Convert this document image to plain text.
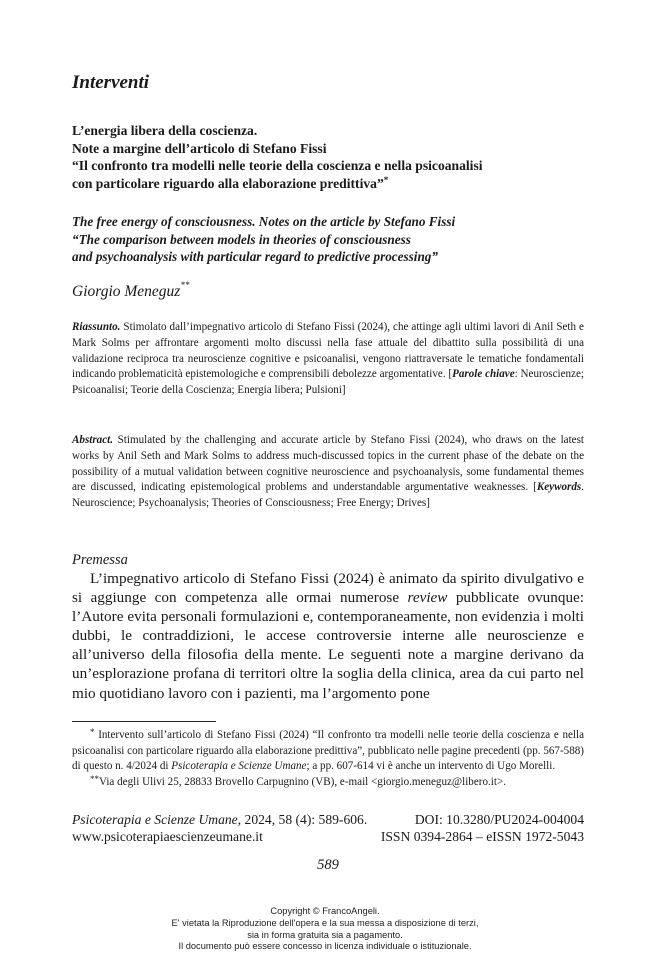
Interventi
L’energia libera della coscienza.
Note a margine dell’articolo di Stefano Fissi
“Il confronto tra modelli nelle teorie della coscienza e nella psicoanalisi
con particolare riguardo alla elaborazione predittiva”*
The free energy of consciousness. Notes on the article by Stefano Fissi
“The comparison between models in theories of consciousness
and psychoanalysis with particular regard to predictive processing”
Giorgio Meneguz**
Riassunto. Stimolato dall’impegnativo articolo di Stefano Fissi (2024), che attinge agli ultimi lavori di Anil Seth e Mark Solms per affrontare argomenti molto discussi nella fase attuale del dibattito sulla possibilità di una validazione reciproca tra neuroscienze cognitive e psicoanalisi, vengono riattraversate le tematiche fondamentali indicando problematicità epistemologiche e comprensibili debolezze argomentative. [Parole chiave: Neuroscienze; Psicoanalisi; Teorie della Coscienza; Energia libera; Pulsioni]
Abstract. Stimulated by the challenging and accurate article by Stefano Fissi (2024), who draws on the latest works by Anil Seth and Mark Solms to address much-discussed topics in the current phase of the debate on the possibility of a mutual validation between cognitive neuroscience and psychoanalysis, some fundamental themes are discussed, indicating epistemological problems and understandable argumentative weaknesses. [Keywords. Neuroscience; Psychoanalysis; Theories of Consciousness; Free Energy; Drives]
Premessa

L’impegnativo articolo di Stefano Fissi (2024) è animato da spirito divulgativo e si aggiunge con competenza alle ormai numerose review pubblicate ovunque: l’Autore evita personali formulazioni e, contemporaneamente, non evidenzia i molti dubbi, le contraddizioni, le accese controversie interne alle neuroscienze e all’universo della filosofia della mente. Le seguenti note a margine derivano da un’esplorazione profana di territori oltre la soglia della clinica, area da cui parto nel mio quotidiano lavoro con i pazienti, ma l’argomento pone

* Intervento sull’articolo di Stefano Fissi (2024) “Il confronto tra modelli nelle teorie della coscienza e nella psicoanalisi con particolare riguardo alla elaborazione predittiva”, pubblicato nelle pagine precedenti (pp. 567-588) di questo n. 4/2024 di Psicoterapia e Scienze Umane; a pp. 607-614 vi è anche un intervento di Ugo Morelli.

**Via degli Ulivi 25, 28833 Brovello Carpugnino (VB), e-mail <giorgio.meneguz@libero.it>.

Psicoterapia e Scienze Umane, 2024, 58 (4): 589-606.	DOI: 10.3280/PU2024-004004
www.psicoterapiaescienzeumane.it	ISSN 0394-2864 – eISSN 1972-5043
589
Copyright © FrancoAngeli.
E' vietata la Riproduzione dell'opera e la sua messa a disposizione di terzi,
sia in forma gratuita sia a pagamento.
Il documento può essere concesso in licenza individuale o istituzionale.
